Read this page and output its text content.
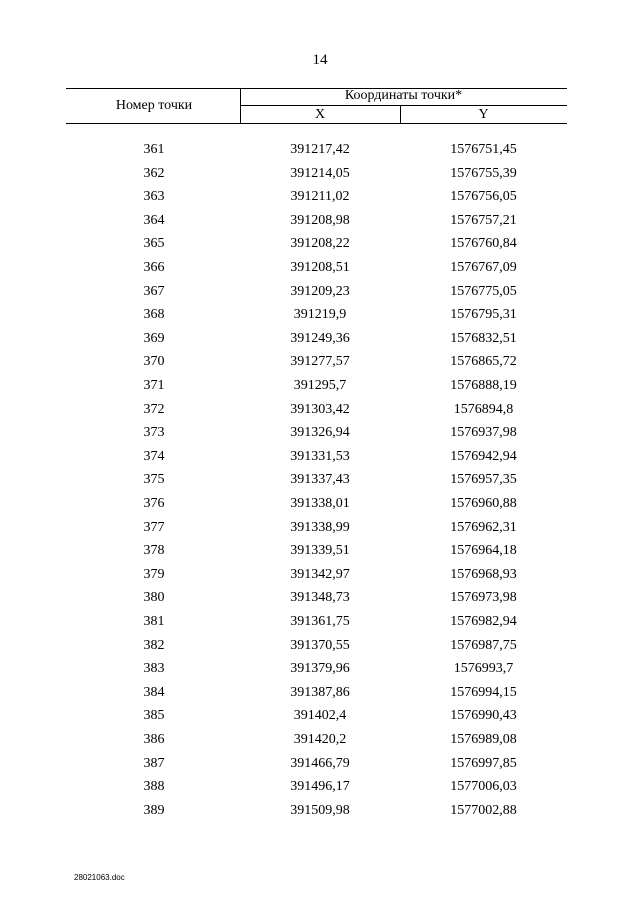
14
Номер точки
Координаты точки*
X	Y
361	391217,42	1576751,45
362	391214,05	1576755,39
363	391211,02	1576756,05
364	391208,98	1576757,21
365	391208,22	1576760,84
366	391208,51	1576767,09
367	391209,23	1576775,05
368	391219,9	1576795,31
369	391249,36	1576832,51
370	391277,57	1576865,72
371	391295,7	1576888,19
372	391303,42	1576894,8
373	391326,94	1576937,98
374	391331,53	1576942,94
375	391337,43	1576957,35
376	391338,01	1576960,88
377	391338,99	1576962,31
378	391339,51	1576964,18
379	391342,97	1576968,93
380	391348,73	1576973,98
381	391361,75	1576982,94
382	391370,55	1576987,75
383	391379,96	1576993,7
384	391387,86	1576994,15
385	391402,4	1576990,43
386	391420,2	1576989,08
387	391466,79	1576997,85
388	391496,17	1577006,03
389	391509,98	1577002,88
28021063.doc
